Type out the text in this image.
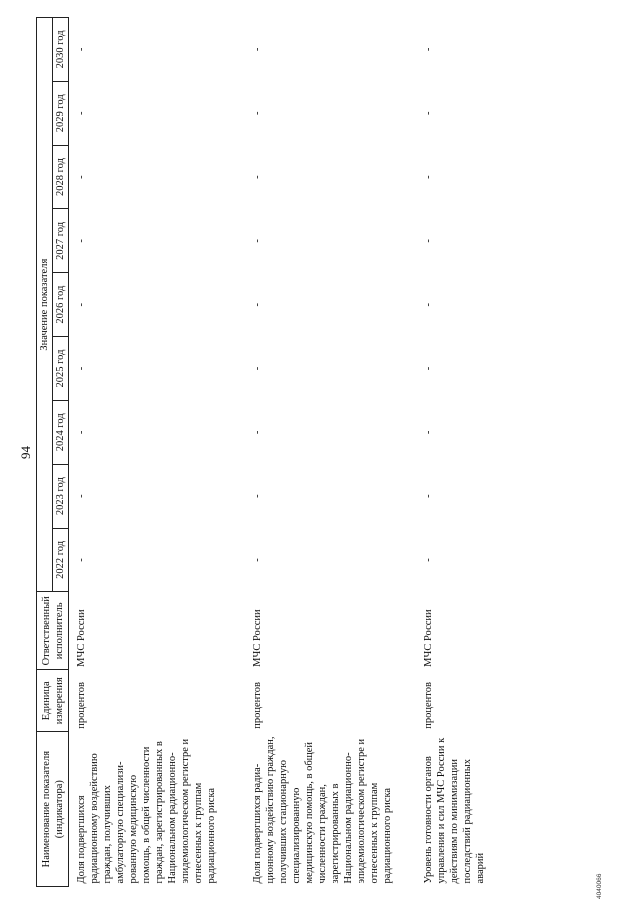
94
4040066
Наименование показателя (индикатора)	Единица измерения	Ответственный исполнитель	Значение показателя								
			2022 год	2023 год	2024 год	2025 год	2026 год	2027 год	2028 год	2029 год	2030 год
Доля подвергшихся радиационному воздействию граждан, получивших амбулаторную специализи-рованную медицинскую помощь, в общей численности граждан, зарегистрированных в Национальном радиационно-эпидемиологическом регистре и отнесенных к группам радиационного риска	процентов	МЧС России	-	-	-	-	-	-	-	-	-
Доля подвергшихся радиа-ционному воздействию граждан, получивших стационарную специализированную медицинскую помощь, в общей численности граждан, зарегистрированных в Национальном радиационно-эпидемиологическом регистре и отнесенных к группам радиационного риска	процентов	МЧС России	-	-	-	-	-	-	-	-	-
Уровень готовности органов управления и сил МЧС России к действиям по минимизации последствий радиационных аварий	процентов	МЧС России	-	-	-	-	-	-	-	-	-
